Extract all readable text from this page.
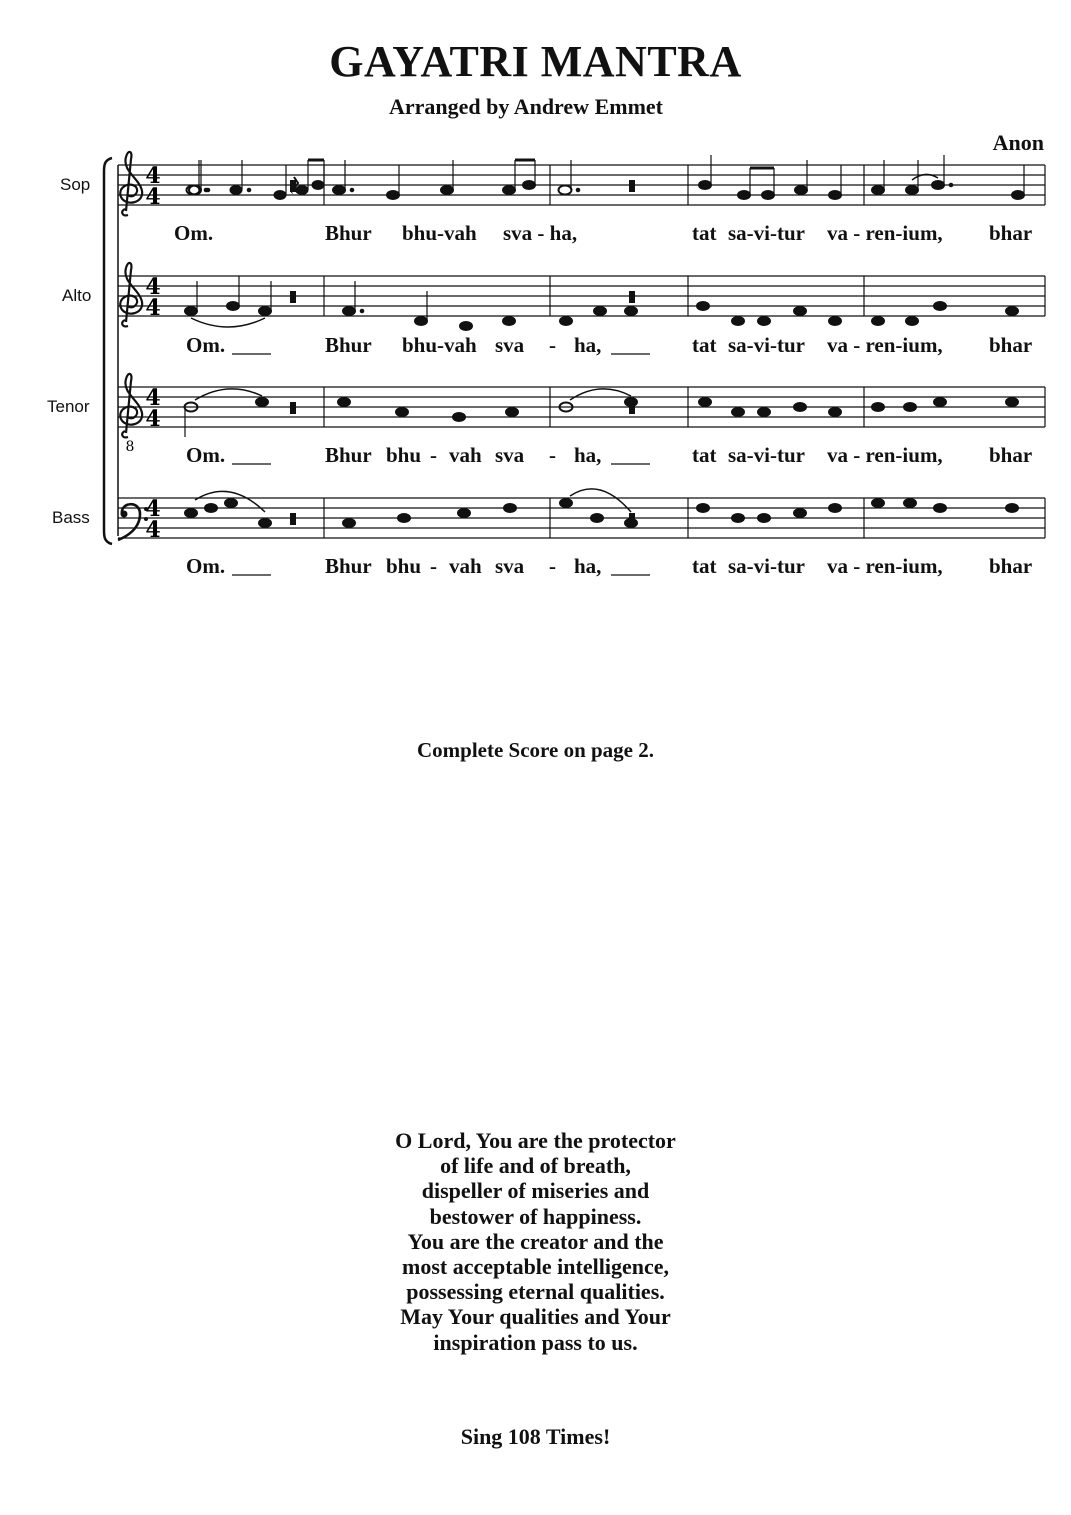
GAYATRI MANTRA
Arranged by Andrew Emmet
Anon
Sop
Alto
Tenor
Bass
4
4
8
Om.	Bhur bhu-vah sva - ha,	tat sa-vi-tur va - ren-ium, bhar
Om.	Bhur bhu-vah sva - ha,	tat sa-vi-tur va - ren-ium, bhar
Om.	Bhur bhu - vah sva - ha,	tat sa-vi-tur va - ren-ium, bhar
Om.	Bhur bhu - vah sva - ha,	tat sa-vi-tur va - ren-ium, bhar
Complete Score on page 2.
O Lord, You are the protector
of life and of breath,
dispeller of miseries and
bestower of happiness.
You are the creator and the
most acceptable intelligence,
possessing eternal qualities.
May Your qualities and Your
inspiration pass to us.
Sing 108 Times!
